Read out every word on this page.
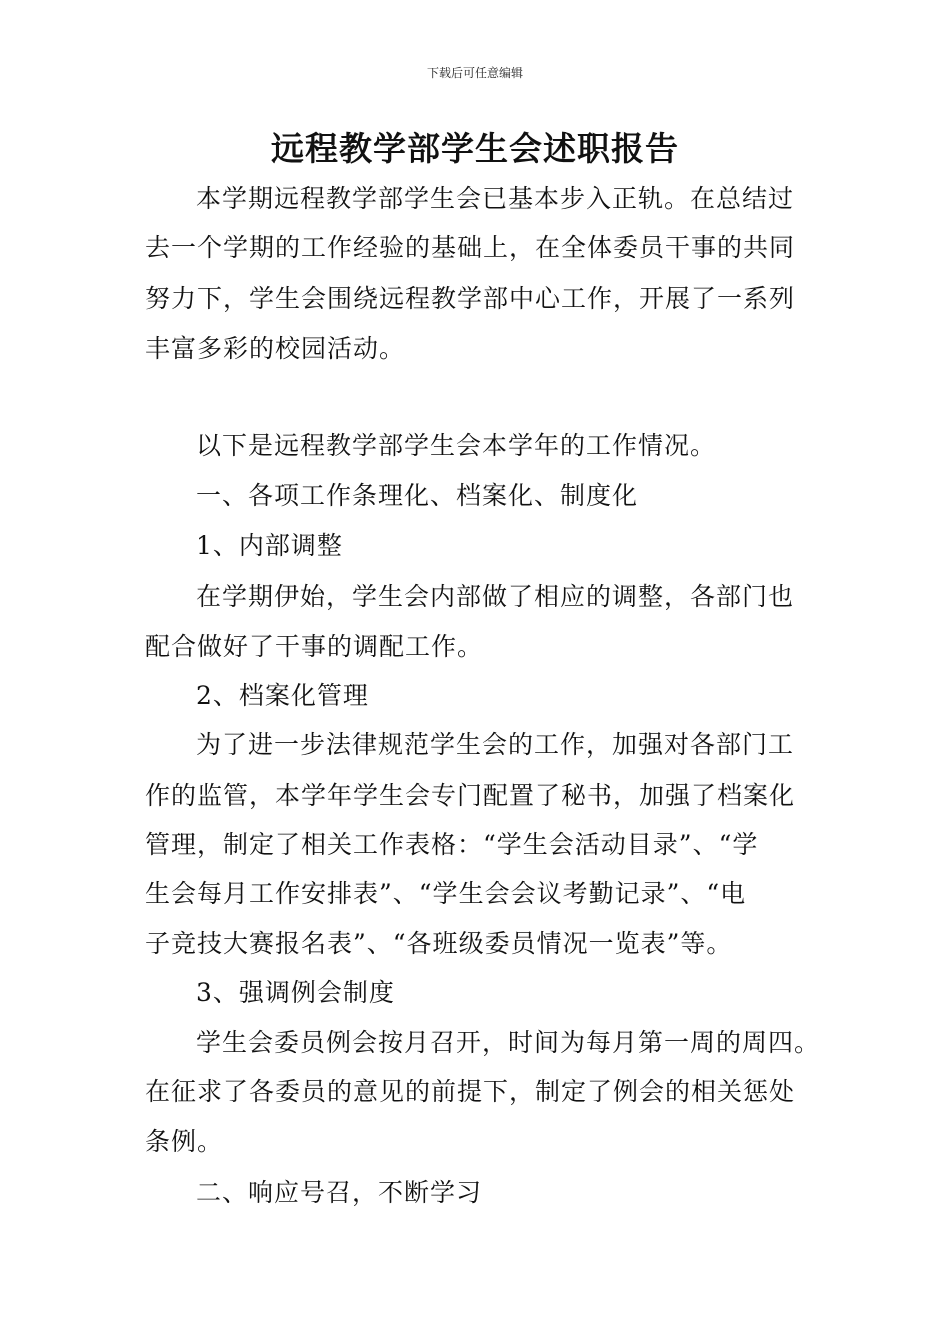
下载后可任意编辑
远程教学部学生会述职报告
本学期远程教学部学生会已基本步入正轨。在总结过
去一个学期的工作经验的基础上，在全体委员干事的共同
努力下，学生会围绕远程教学部中心工作，开展了一系列
丰富多彩的校园活动。
以下是远程教学部学生会本学年的工作情况。
一、各项工作条理化、档案化、制度化
1、内部调整
在学期伊始，学生会内部做了相应的调整，各部门也
配合做好了干事的调配工作。
2、档案化管理
为了进一步法律规范学生会的工作，加强对各部门工
作的监管，本学年学生会专门配置了秘书，加强了档案化
管理，制定了相关工作表格：“学生会活动目录”、“学
生会每月工作安排表”、“学生会会议考勤记录”、“电
子竞技大赛报名表”、“各班级委员情况一览表”等。
3、强调例会制度
学生会委员例会按月召开，时间为每月第一周的周四。
在征求了各委员的意见的前提下，制定了例会的相关惩处
条例。
二、响应号召，不断学习
